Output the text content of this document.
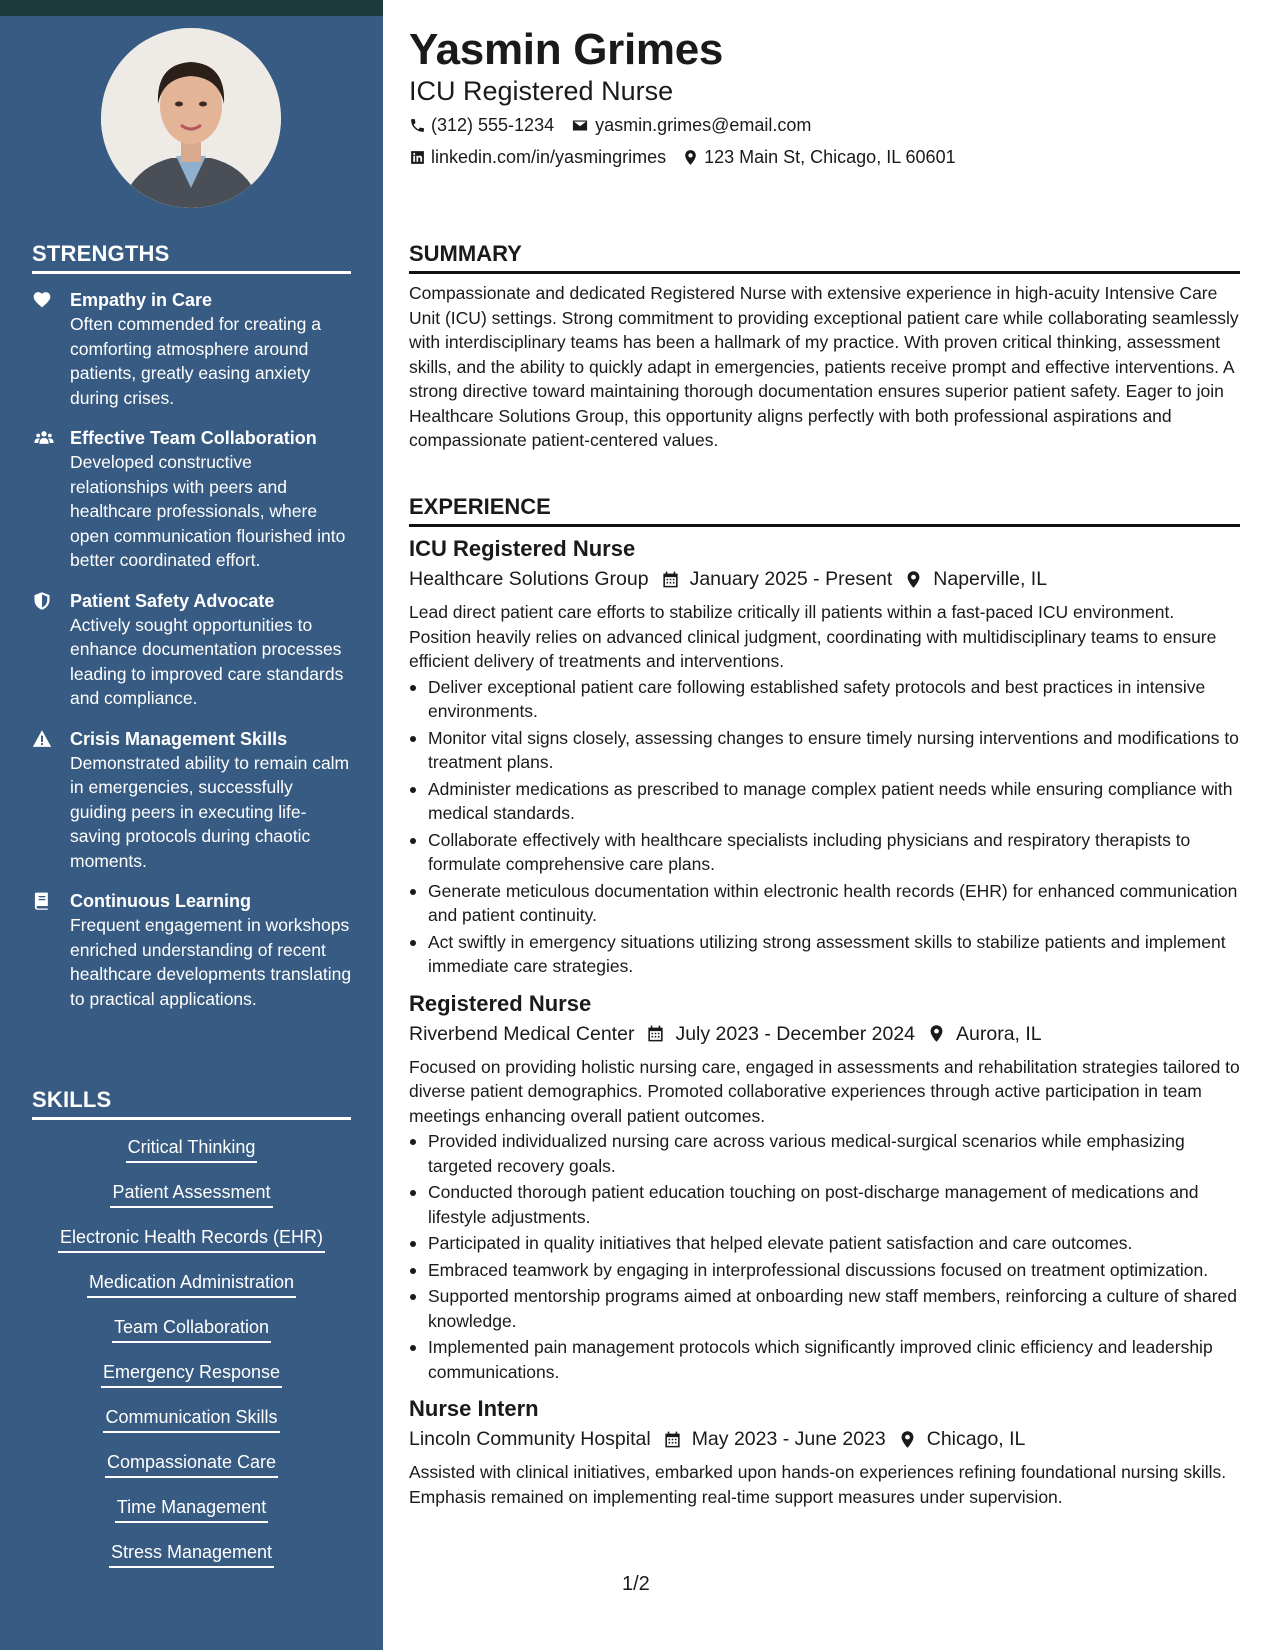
STRENGTHS
Empathy in Care
Often commended for creating a comforting atmosphere around patients, greatly easing anxiety during crises.
Effective Team Collaboration
Developed constructive relationships with peers and healthcare professionals, where open communication flourished into better coordinated effort.
Patient Safety Advocate
Actively sought opportunities to enhance documentation processes leading to improved care standards and compliance.
Crisis Management Skills
Demonstrated ability to remain calm in emergencies, successfully guiding peers in executing life-saving protocols during chaotic moments.
Continuous Learning
Frequent engagement in workshops enriched understanding of recent healthcare developments translating to practical applications.
SKILLS
Critical Thinking
Patient Assessment
Electronic Health Records (EHR)
Medication Administration
Team Collaboration
Emergency Response
Communication Skills
Compassionate Care
Time Management
Stress Management
Yasmin Grimes
ICU Registered Nurse
(312) 555-1234 yasmin.grimes@email.com
linkedin.com/in/yasmingrimes 123 Main St, Chicago, IL 60601
SUMMARY
Compassionate and dedicated Registered Nurse with extensive experience in high-acuity Intensive Care Unit (ICU) settings. Strong commitment to providing exceptional patient care while collaborating seamlessly with interdisciplinary teams has been a hallmark of my practice. With proven critical thinking, assessment skills, and the ability to quickly adapt in emergencies, patients receive prompt and effective interventions. A strong directive toward maintaining thorough documentation ensures superior patient safety. Eager to join Healthcare Solutions Group, this opportunity aligns perfectly with both professional aspirations and compassionate patient-centered values.
EXPERIENCE
ICU Registered Nurse
Healthcare Solutions Group January 2025 - Present Naperville, IL
Lead direct patient care efforts to stabilize critically ill patients within a fast-paced ICU environment. Position heavily relies on advanced clinical judgment, coordinating with multidisciplinary teams to ensure efficient delivery of treatments and interventions.
Deliver exceptional patient care following established safety protocols and best practices in intensive environments.
Monitor vital signs closely, assessing changes to ensure timely nursing interventions and modifications to treatment plans.
Administer medications as prescribed to manage complex patient needs while ensuring compliance with medical standards.
Collaborate effectively with healthcare specialists including physicians and respiratory therapists to formulate comprehensive care plans.
Generate meticulous documentation within electronic health records (EHR) for enhanced communication and patient continuity.
Act swiftly in emergency situations utilizing strong assessment skills to stabilize patients and implement immediate care strategies.
Registered Nurse
Riverbend Medical Center July 2023 - December 2024 Aurora, IL
Focused on providing holistic nursing care, engaged in assessments and rehabilitation strategies tailored to diverse patient demographics. Promoted collaborative experiences through active participation in team meetings enhancing overall patient outcomes.
Provided individualized nursing care across various medical-surgical scenarios while emphasizing targeted recovery goals.
Conducted thorough patient education touching on post-discharge management of medications and lifestyle adjustments.
Participated in quality initiatives that helped elevate patient satisfaction and care outcomes.
Embraced teamwork by engaging in interprofessional discussions focused on treatment optimization.
Supported mentorship programs aimed at onboarding new staff members, reinforcing a culture of shared knowledge.
Implemented pain management protocols which significantly improved clinic efficiency and leadership communications.
Nurse Intern
Lincoln Community Hospital May 2023 - June 2023 Chicago, IL
Assisted with clinical initiatives, embarked upon hands-on experiences refining foundational nursing skills. Emphasis remained on implementing real-time support measures under supervision.
1/2
